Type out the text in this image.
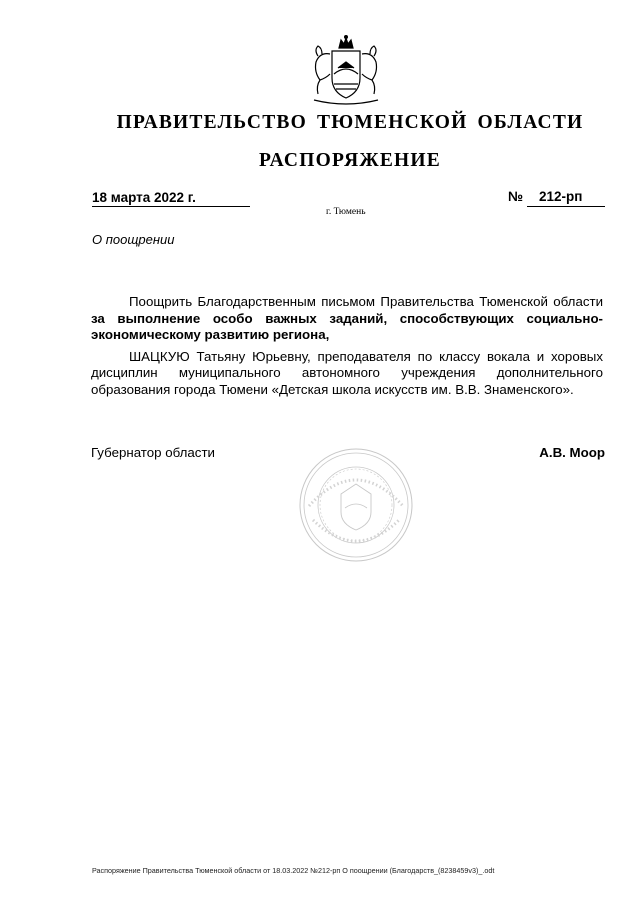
ПРАВИТЕЛЬСТВО ТЮМЕНСКОЙ ОБЛАСТИ
РАСПОРЯЖЕНИЕ
18 марта 2022 г.	№ 212-рп
г. Тюмень
О поощрении

Поощрить Благодарственным письмом Правительства Тюменской области за выполнение особо важных заданий, способствующих социально-экономическому развитию региона,

ШАЦКУЮ Татьяну Юрьевну, преподавателя по классу вокала и хоровых дисциплин муниципального автономного учреждения дополнительного образования города Тюмени «Детская школа искусств им. В.В. Знаменского».

Губернатор области	А.В. Моор
Распоряжение Правительства Тюменской области от 18.03.2022 №212-рп О поощрении (Благодарств_(8238459v3)_.odt
